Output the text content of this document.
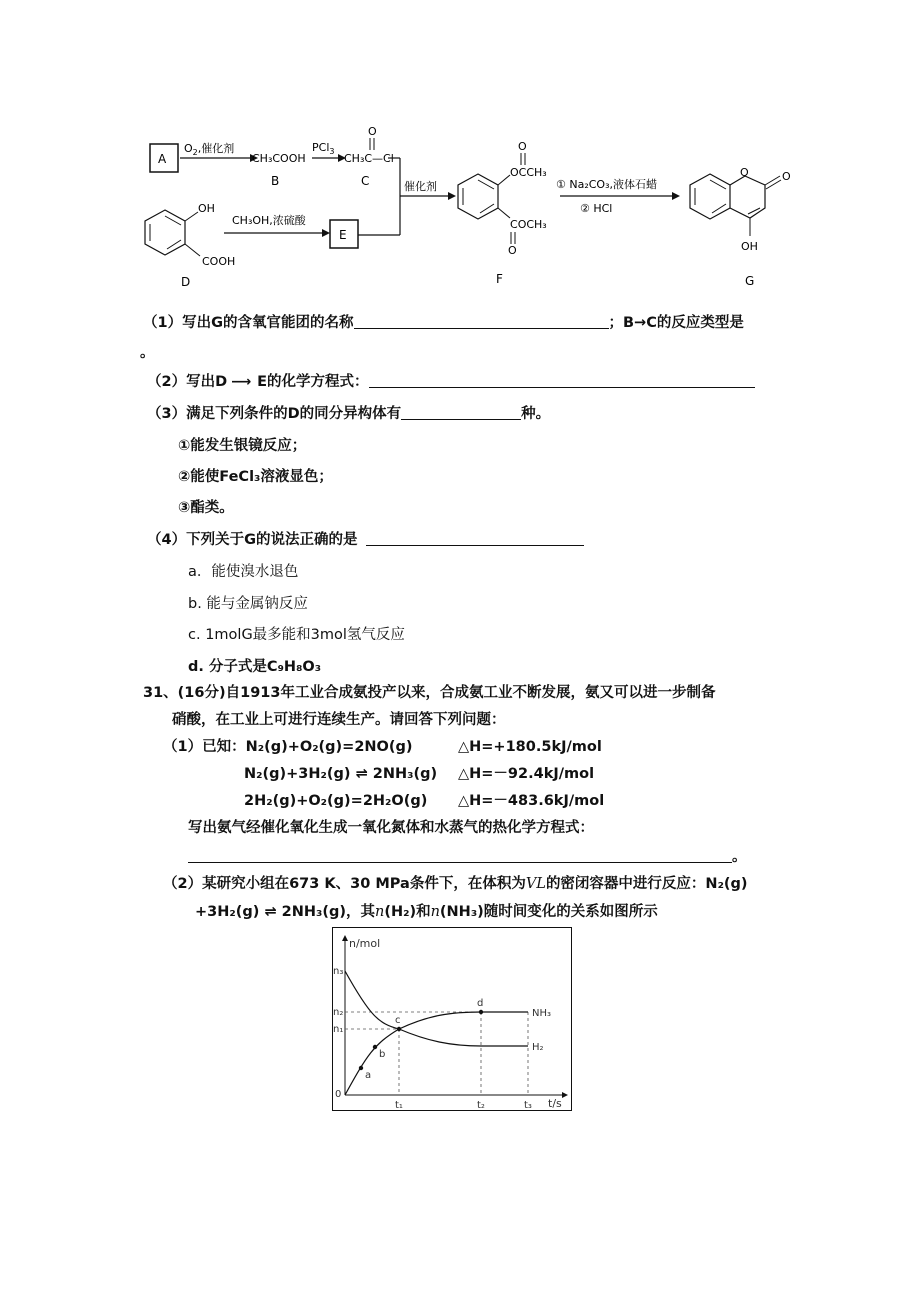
A
$O_2$,催化剂
CH₃COOH
PCl$_3$
CH₃C—Cl
O
催化剂
OH
COOH
CH₃OH,浓硫酸
E
OCCH₃
O
COCH₃
O
① Na₂CO₃,液体石蜡
② HCl
O	O
OH
B	C
D	F	G
（1）写出G的含氧官能团的名称	；B→C的反应类型是
。
（2）写出D ⟶ E的化学方程式：
（3）满足下列条件的D的同分异构体有	种。
①能发生银镜反应；
②能使FeCl₃溶液显色；
③酯类。
（4）下列关于G的说法正确的是
a．能使溴水退色
b. 能与金属钠反应
c. 1molG最多能和3mol氢气反应
d. 分子式是C₉H₈O₃
31、(16分)自1913年工业合成氨投产以来，合成氨工业不断发展，氨又可以进一步制备
硝酸，在工业上可进行连续生产。请回答下列问题：
（1）已知：N₂(g)+O₂(g)=2NO(g)	△H=+180.5kJ/mol
N₂(g)+3H₂(g) ⇌ 2NH₃(g) △H=－92.4kJ/mol
2H₂(g)+O₂(g)=2H₂O(g) △H=－483.6kJ/mol
写出氨气经催化氧化生成一氧化氮体和水蒸气的热化学方程式：
。
（2）某研究小组在673 K、30 MPa条件下，在体积为VL的密闭容器中进行反应：N₂(g)
+3H₂(g) ⇌ 2NH₃(g)，其n(H₂)和n(NH₃)随时间变化的关系如图所示
n/mol
t/s
0
n₃
n₂
n₁
t₁	t₂	t₃
NH₃
H₂
a
b
c
d
